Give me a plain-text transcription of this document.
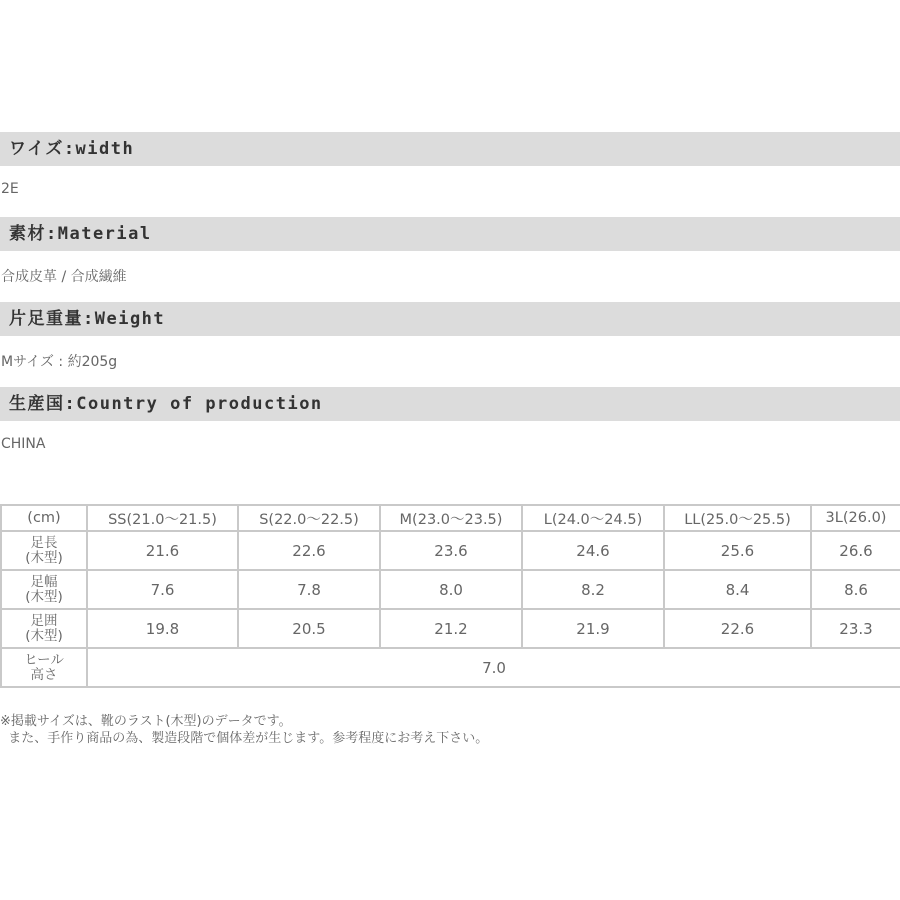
ワイズ:width
2E
素材:Material
合成皮革 / 合成繊維
片足重量:Weight
Mサイズ : 約205g
生産国:Country of production
CHINA
(cm)	SS(21.0～21.5)	S(22.0～22.5)	M(23.0～23.5)	L(24.0～24.5)	LL(25.0～25.5)	3L(26.0)

足長
(木型)	21.6	22.6	23.6	24.6	25.6	26.6

足幅
(木型)	7.6	7.8	8.0	8.2	8.4	8.6

足囲
(木型)	19.8	20.5	21.2	21.9	22.6	23.3

ヒール
高さ	7.0					
※掲載サイズは、靴のラスト(木型)のデータです。
また、手作り商品の為、製造段階で個体差が生じます。参考程度にお考え下さい。
